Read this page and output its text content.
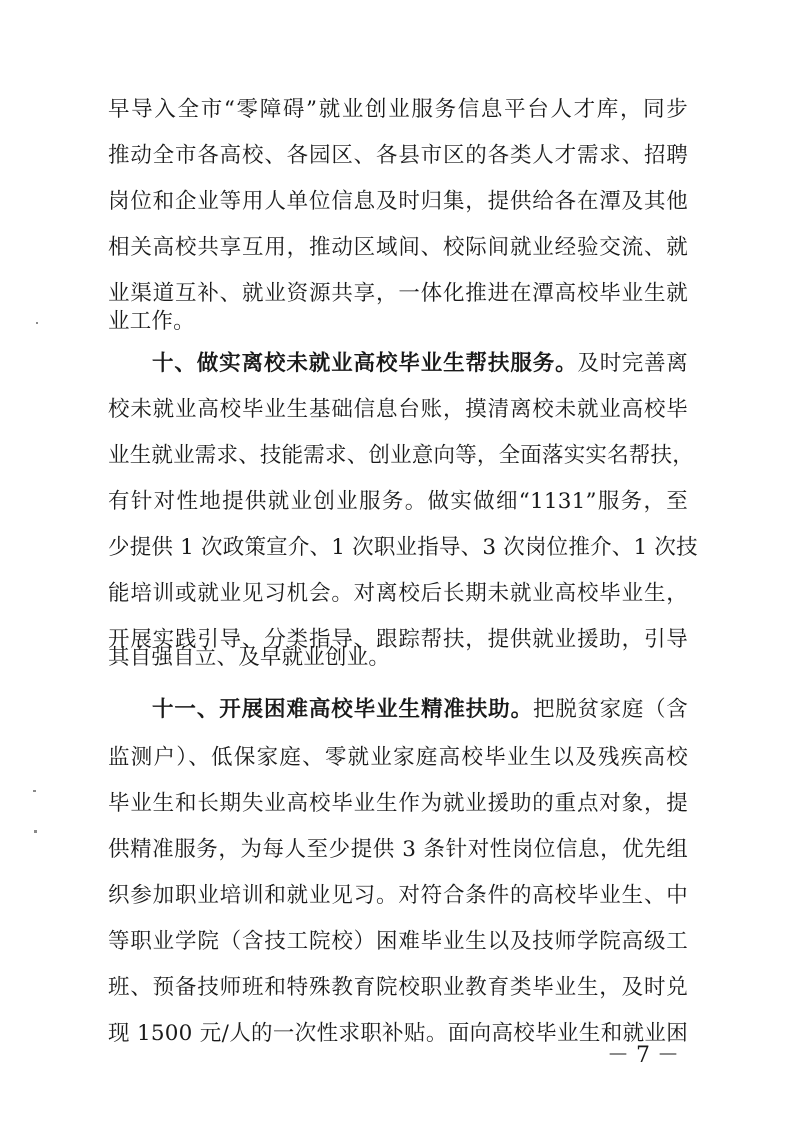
早导入全市“零障碍”就业创业服务信息平台人才库，同步
推动全市各高校、各园区、各县市区的各类人才需求、招聘
岗位和企业等用人单位信息及时归集，提供给各在潭及其他
相关高校共享互用，推动区域间、校际间就业经验交流、就
业渠道互补、就业资源共享，一体化推进在潭高校毕业生就
业工作。
十、做实离校未就业高校毕业生帮扶服务。及时完善离
校未就业高校毕业生基础信息台账，摸清离校未就业高校毕
业生就业需求、技能需求、创业意向等，全面落实实名帮扶，
有针对性地提供就业创业服务。做实做细“1131”服务，至
少提供 1 次政策宣介、1 次职业指导、3 次岗位推介、1 次技
能培训或就业见习机会。对离校后长期未就业高校毕业生，
开展实践引导、分类指导、跟踪帮扶，提供就业援助，引导
其自强自立、及早就业创业。
十一、开展困难高校毕业生精准扶助。把脱贫家庭（含
监测户）、低保家庭、零就业家庭高校毕业生以及残疾高校
毕业生和长期失业高校毕业生作为就业援助的重点对象，提
供精准服务，为每人至少提供 3 条针对性岗位信息，优先组
织参加职业培训和就业见习。对符合条件的高校毕业生、中
等职业学院（含技工院校）困难毕业生以及技师学院高级工
班、预备技师班和特殊教育院校职业教育类毕业生，及时兑
现 1500 元/人的一次性求职补贴。面向高校毕业生和就业困
－ 7 －
